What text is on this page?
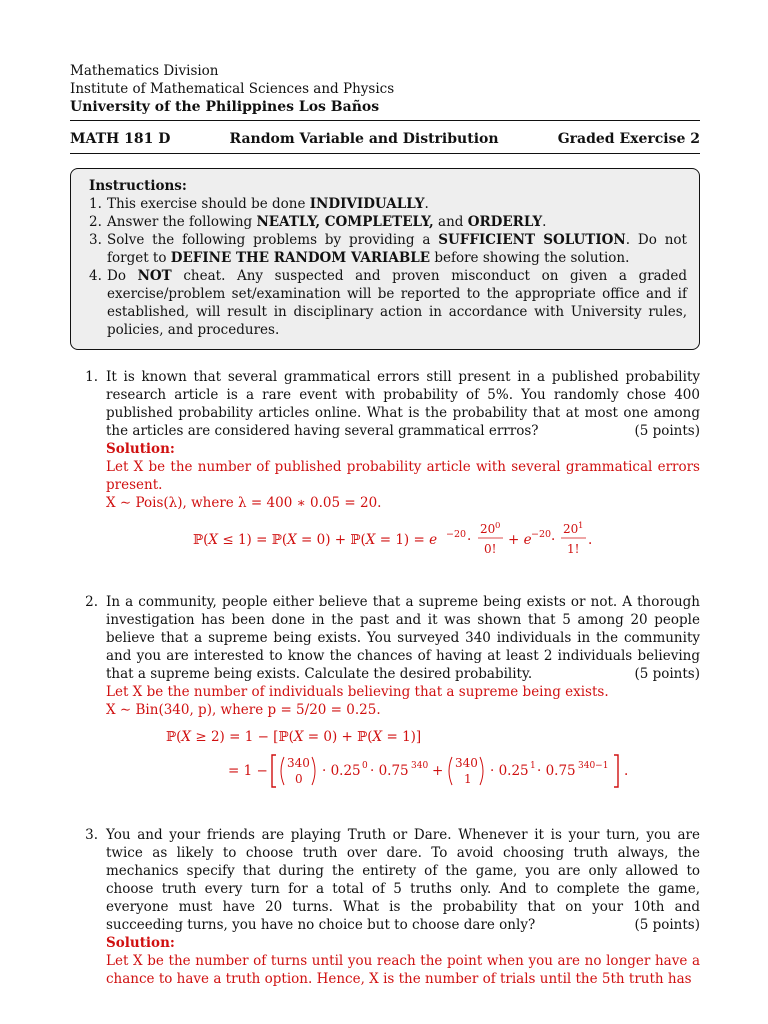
Mathematics Division
Institute of Mathematical Sciences and Physics
University of the Philippines Los Baños
MATH 181 D	Random Variable and Distribution	Graded Exercise 2
Instructions:
1. This exercise should be done INDIVIDUALLY.
2. Answer the following NEATLY, COMPLETELY, and ORDERLY.
3. Solve the following problems by providing a SUFFICIENT SOLUTION. Do not forget to DEFINE THE RANDOM VARIABLE before showing the solution.
4. Do NOT cheat. Any suspected and proven misconduct on given a graded exercise/problem set/examination will be reported to the appropriate office and if established, will result in disciplinary action in accordance with University rules, policies, and procedures.
1. It is known that several grammatical errors still present in a published probability research article is a rare event with probability of 5%. You randomly chose 400 published probability articles online. What is the probability that at most one among the articles are considered having several grammatical errros?	(5 points)
Solution:
Let X be the number of published probability article with several grammatical errors present.
X ∼ Pois(λ), where λ = 400 ∗ 0.05 = 20.
ℙ(X ≤ 1) = ℙ(X = 0) + ℙ(X = 1) = e −20 ·
20 0
0!
+ e −20 ·
20 1
1!
.
2. In a community, people either believe that a supreme being exists or not. A thorough investigation has been done in the past and it was shown that 5 among 20 people believe that a supreme being exists. You surveyed 340 individuals in the community and you are interested to know the chances of having at least 2 individuals believing that a supreme being exists. Calculate the desired probability.	(5 points)
Let X be the number of individuals believing that a supreme being exists.
X ∼ Bin(340, p), where p = 5/20 = 0.25.
ℙ(X ≥ 2) = 1 − [ℙ(X = 0) + ℙ(X = 1)]
= 1 − 340
0 · 0.25 0 · 0.75 340 + 340
1 · 0.25 1 · 0.75 340−1 .
3. You and your friends are playing Truth or Dare. Whenever it is your turn, you are twice as likely to choose truth over dare. To avoid choosing truth always, the mechanics specify that during the entirety of the game, you are only allowed to choose truth every turn for a total of 5 truths only. And to complete the game, everyone must have 20 turns. What is the probability that on your 10th and succeeding turns, you have no choice but to choose dare only?	(5 points)
Solution:
Let X be the number of turns until you reach the point when you are no longer have a chance to have a truth option. Hence, X is the number of trials until the 5th truth has
